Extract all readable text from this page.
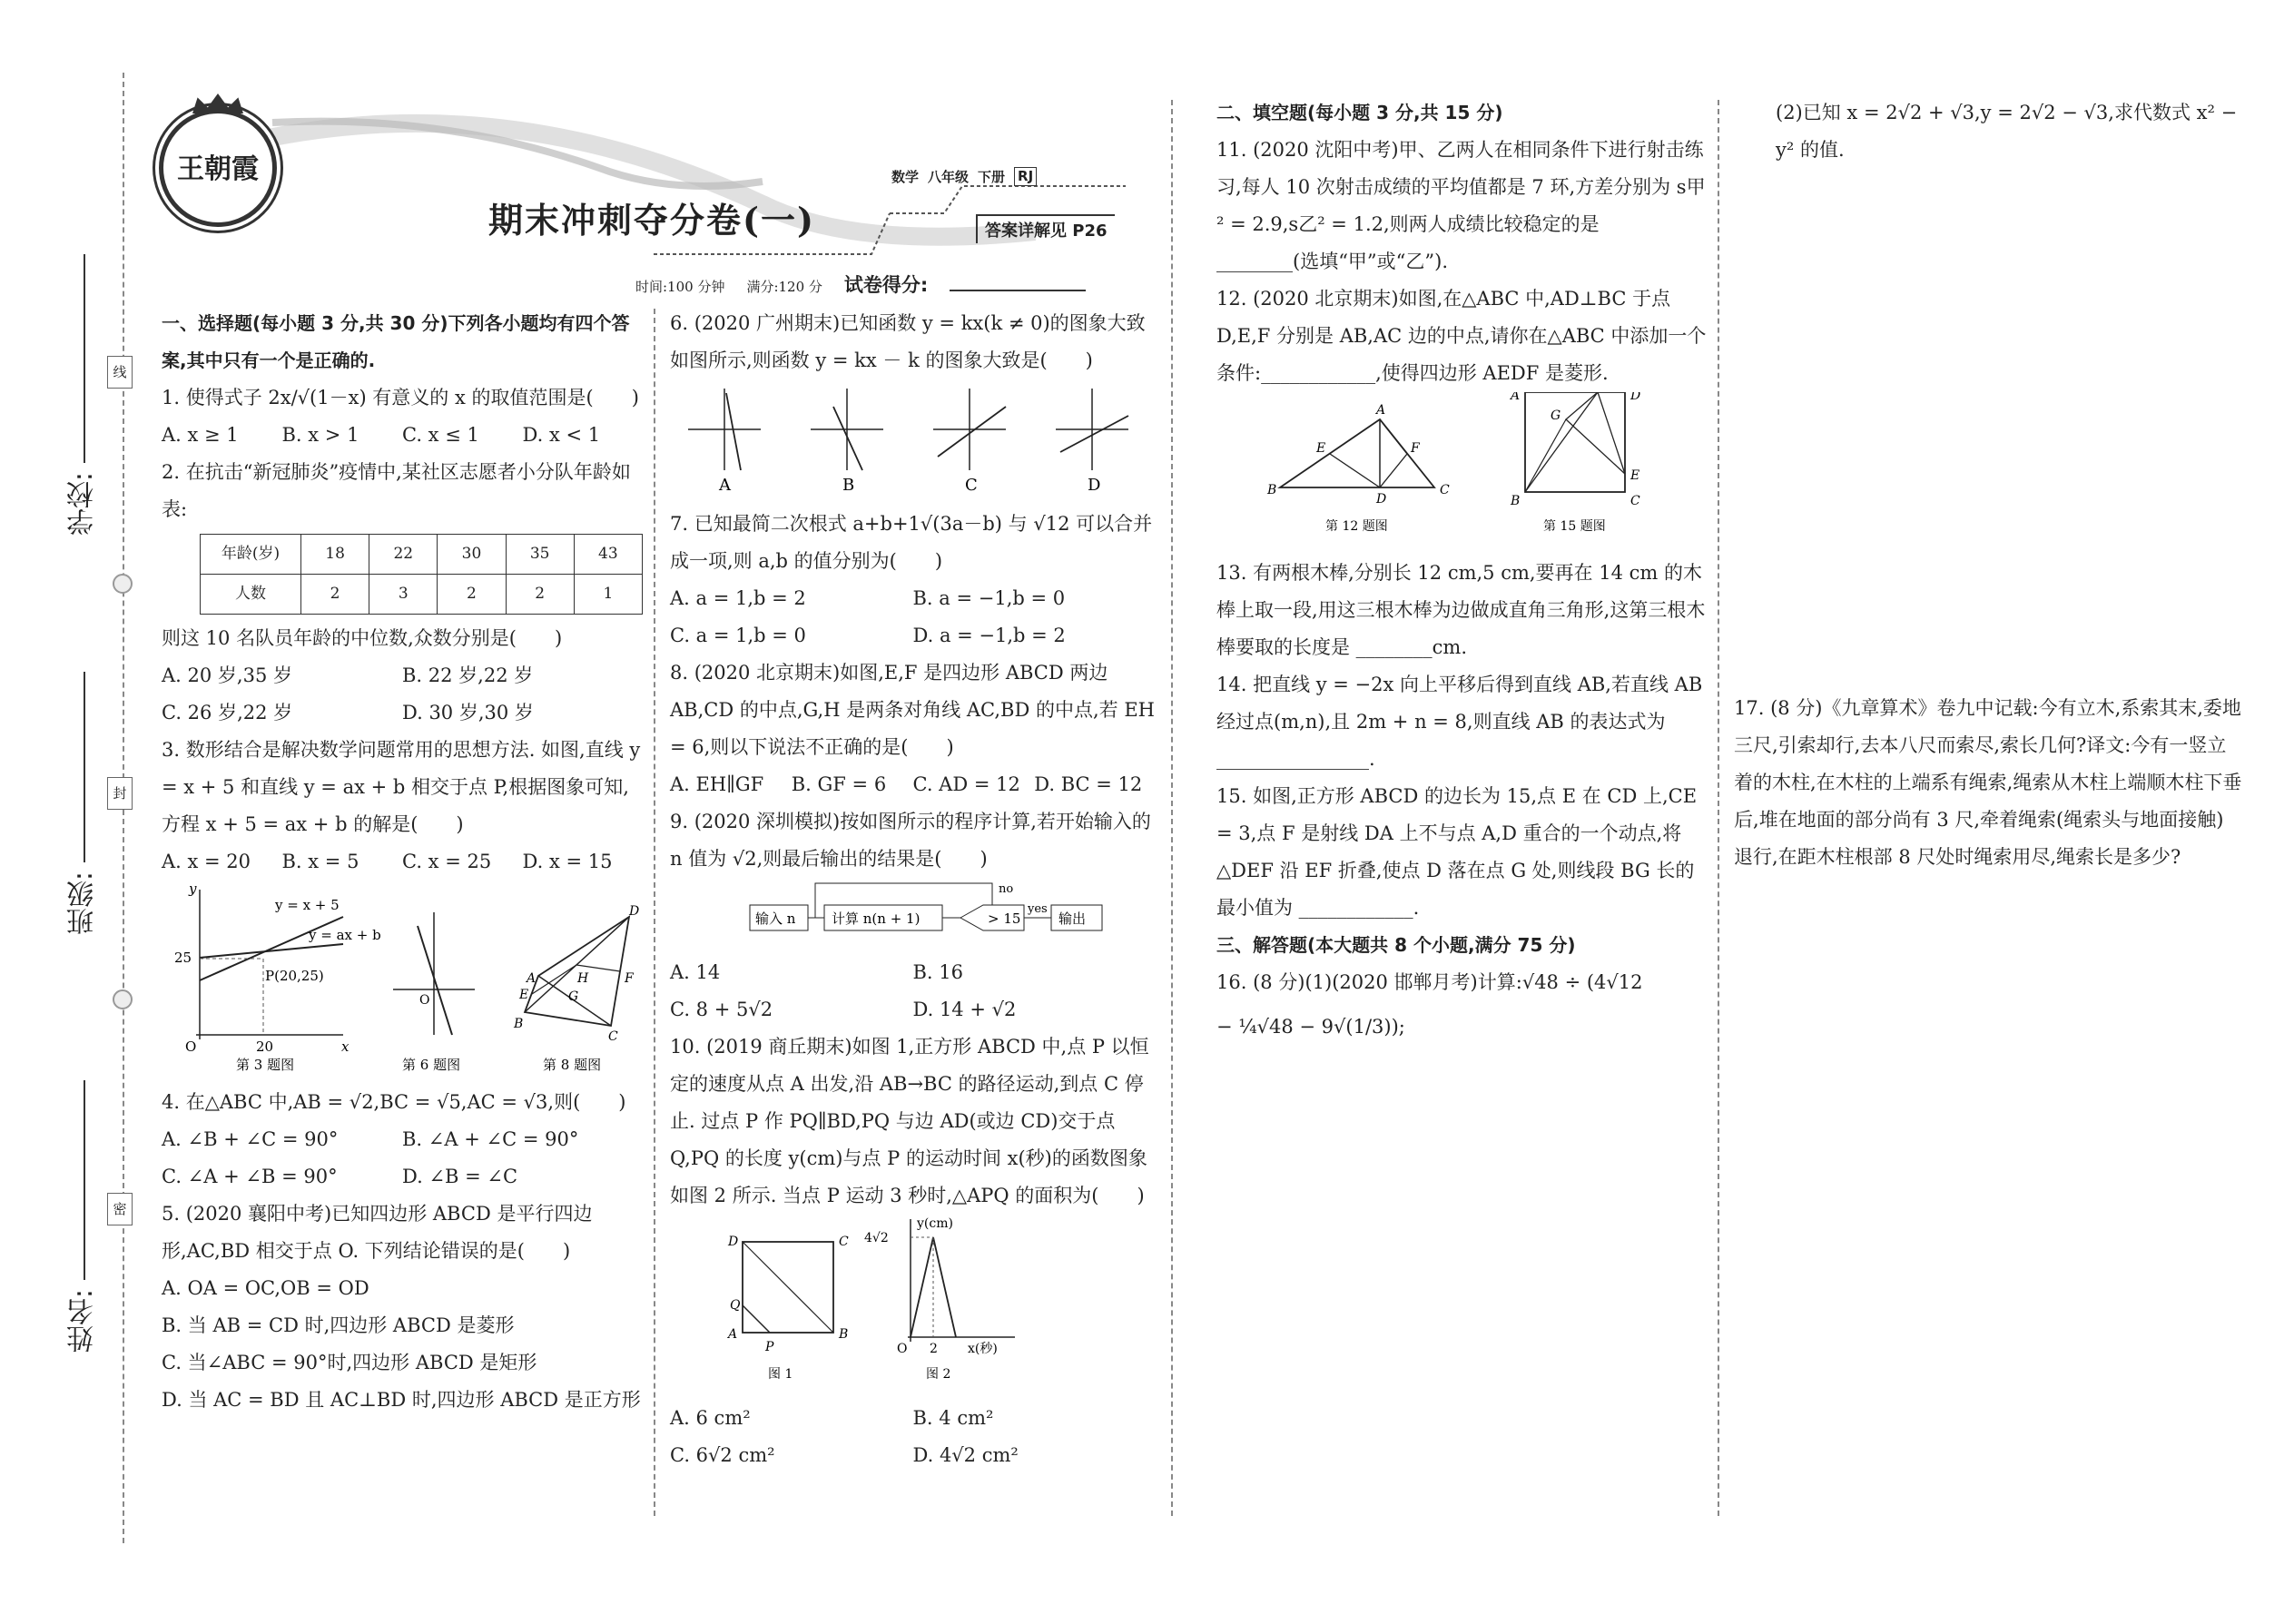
学校:
班级:
姓名:
线
封
密
王朝霞	数学 八年级 下册 RJ
期末冲刺夺分卷(一)	答案详解见 P26
时间:100 分钟 满分:120 分 试卷得分:

一、选择题(每小题 3 分,共 30 分)下列各小题均有四个答案,其中只有一个是正确的.

1. 使得式子 2x/√(1－x) 有意义的 x 的取值范围是(　　)

A. x ≥ 1	B. x > 1	C. x ≤ 1	D. x < 1

2. 在抗击“新冠肺炎”疫情中,某社区志愿者小分队年龄如表:

年龄(岁)	18	22	30	35	43
人数	2	3	2	2	1

则这 10 名队员年龄的中位数,众数分别是(　　)

A. 20 岁,35 岁	B. 22 岁,22 岁
C. 26 岁,22 岁	D. 30 岁,30 岁

3. 数形结合是解决数学问题常用的思想方法. 如图,直线 y = x + 5 和直线 y = ax + b 相交于点 P,根据图象可知,方程 x + 5 = ax + b 的解是(　　)

A. x = 20	B. x = 5	C. x = 25	D. x = 15
y = x + 5
y = ax + b
P(20,25)
25
20
O	x
y
第 3 题图
O
第 6 题图
A
B
C
D
F
H
G
E
第 8 题图

4. 在△ABC 中,AB = √2,BC = √5,AC = √3,则(　　)

A. ∠B + ∠C = 90°	B. ∠A + ∠C = 90°
C. ∠A + ∠B = 90°	D. ∠B = ∠C

5. (2020 襄阳中考)已知四边形 ABCD 是平行四边形,AC,BD 相交于点 O. 下列结论错误的是(　　)

A. OA = OC,OB = OD

B. 当 AB = CD 时,四边形 ABCD 是菱形

C. 当∠ABC = 90°时,四边形 ABCD 是矩形

D. 当 AC = BD 且 AC⊥BD 时,四边形 ABCD 是正方形

6. (2020 广州期末)已知函数 y = kx(k ≠ 0)的图象大致如图所示,则函数 y = kx － k 的图象大致是(　　)

A	B	C	D

7. 已知最简二次根式 a+b+1√(3a－b) 与 √12 可以合并成一项,则 a,b 的值分别为(　　)

A. a = 1,b = 2	B. a = −1,b = 0
C. a = 1,b = 0	D. a = −1,b = 2

8. (2020 北京期末)如图,E,F 是四边形 ABCD 两边 AB,CD 的中点,G,H 是两条对角线 AC,BD 的中点,若 EH = 6,则以下说法不正确的是(　　)

A. EH∥GF	B. GF = 6	C. AD = 12 D. BC = 12

9. (2020 深圳模拟)按如图所示的程序计算,若开始输入的 n 值为 √2,则最后输出的结果是(　　)

输入 n	计算 n(n + 1)	> 15	输出
no
yes
A. 14	B. 16
C. 8 + 5√2	D. 14 + √2

10. (2019 商丘期末)如图 1,正方形 ABCD 中,点 P 以恒定的速度从点 A 出发,沿 AB→BC 的路径运动,到点 C 停止. 过点 P 作 PQ∥BD,PQ 与边 AD(或边 CD)交于点 Q,PQ 的长度 y(cm)与点 P 的运动时间 x(秒)的函数图象如图 2 所示. 当点 P 运动 3 秒时,△APQ 的面积为(　　)

D	C
A	B
Q
P
图 1
y(cm)
4√2
O 2 x(秒)
图 2
A. 6 cm²	B. 4 cm²
C. 6√2 cm²	D. 4√2 cm²

二、填空题(每小题 3 分,共 15 分)

11. (2020 沈阳中考)甲、乙两人在相同条件下进行射击练习,每人 10 次射击成绩的平均值都是 7 环,方差分别为 s甲² = 2.9,s乙² = 1.2,则两人成绩比较稳定的是 ________(选填“甲”或“乙”).

12. (2020 北京期末)如图,在△ABC 中,AD⊥BC 于点 D,E,F 分别是 AB,AC 边的中点,请你在△ABC 中添加一个条件:____________,使得四边形 AEDF 是菱形.

A
B	C
D
E	F
第 12 题图
A	D
G
E
B	C
第 15 题图

13. 有两根木棒,分别长 12 cm,5 cm,要再在 14 cm 的木棒上取一段,用这三根木棒为边做成直角三角形,这第三根木棒要取的长度是 ________cm.

14. 把直线 y = −2x 向上平移后得到直线 AB,若直线 AB 经过点(m,n),且 2m + n = 8,则直线 AB 的表达式为 ________________.

15. 如图,正方形 ABCD 的边长为 15,点 E 在 CD 上,CE = 3,点 F 是射线 DA 上不与点 A,D 重合的一个动点,将△DEF 沿 EF 折叠,使点 D 落在点 G 处,则线段 BG 长的最小值为 ____________.

三、解答题(本大题共 8 个小题,满分 75 分)

16. (8 分)(1)(2020 邯郸月考)计算:√48 ÷ (4√12

− ¼√48 − 9√(1/3));

(2)已知 x = 2√2 + √3,y = 2√2 − √3,求代数式 x² − y² 的值.

17. (8 分)《九章算术》卷九中记载:今有立木,系索其末,委地三尺,引索却行,去本八尺而索尽,索长几何?译文:今有一竖立着的木柱,在木柱的上端系有绳索,绳索从木柱上端顺木柱下垂后,堆在地面的部分尚有 3 尺,牵着绳索(绳索头与地面接触)退行,在距木柱根部 8 尺处时绳索用尽,绳索长是多少?
